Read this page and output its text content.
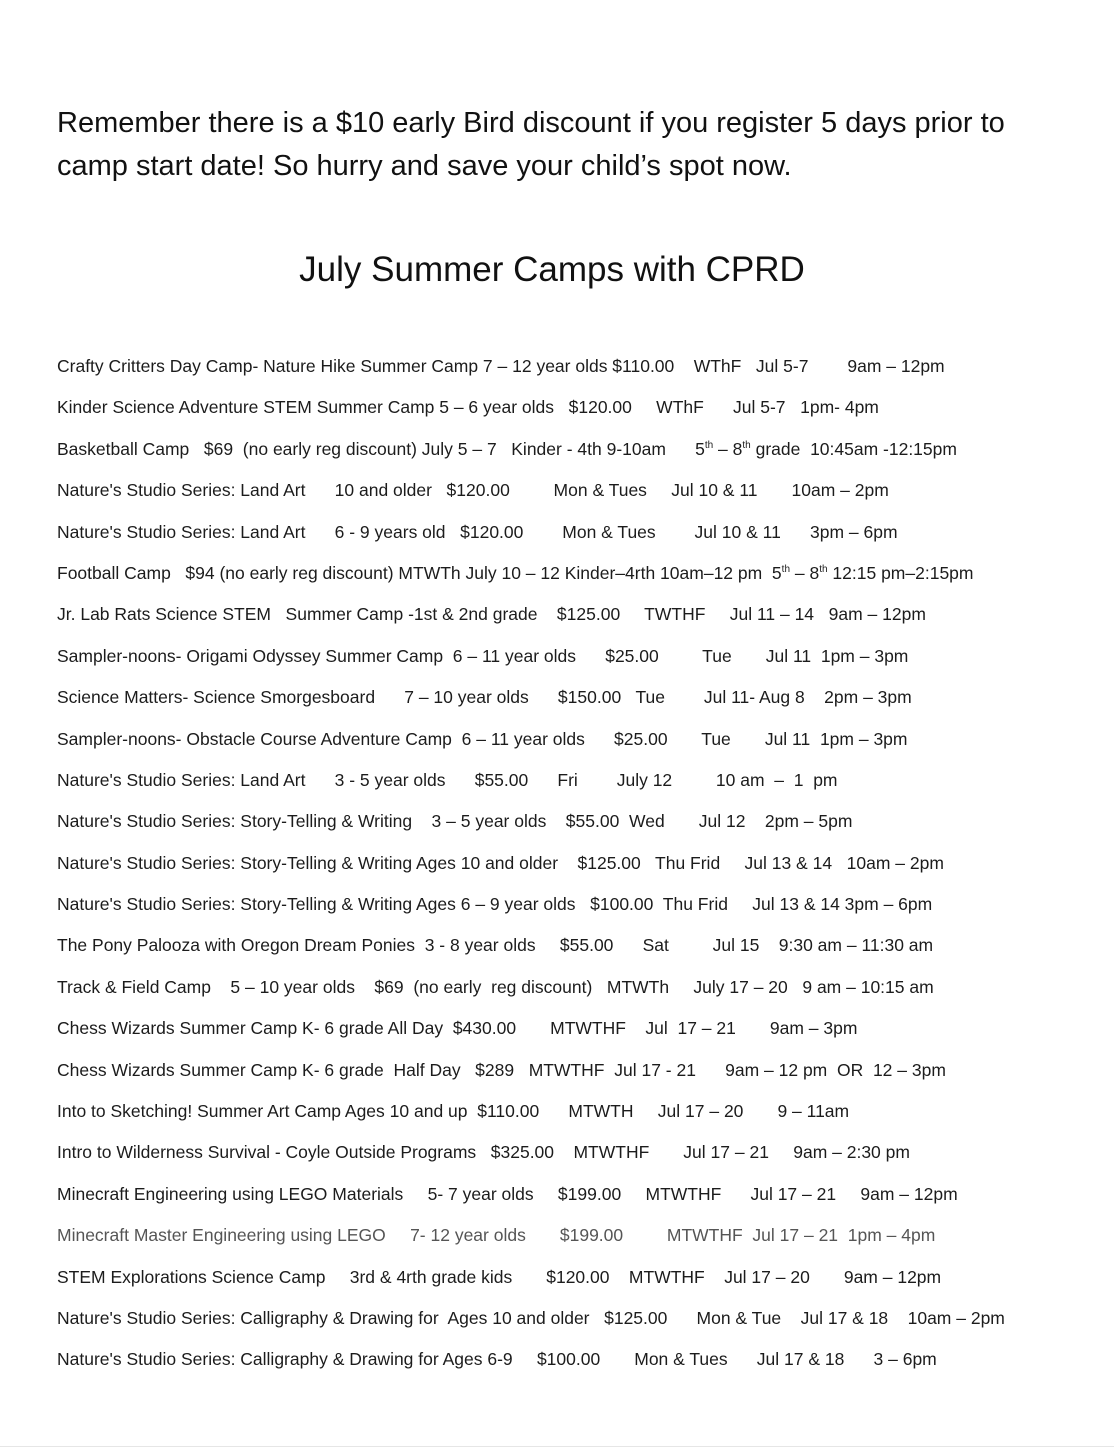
Remember there is a $10 early Bird discount if you register 5 days prior to
camp start date! So hurry and save your child’s spot now.
July Summer Camps with CPRD
Crafty Critters Day Camp- Nature Hike Summer Camp 7 – 12 year olds $110.00    WThF   Jul 5-7        9am – 12pm
Kinder Science Adventure STEM Summer Camp 5 – 6 year olds   $120.00     WThF      Jul 5-7   1pm- 4pm
Basketball Camp   $69  (no early reg discount) July 5 – 7   Kinder - 4th 9-10am      5th – 8th grade  10:45am -12:15pm
Nature's Studio Series: Land Art      10 and older   $120.00         Mon & Tues     Jul 10 & 11       10am – 2pm
Nature's Studio Series: Land Art      6 - 9 years old   $120.00        Mon & Tues        Jul 10 & 11      3pm – 6pm
Football Camp   $94 (no early reg discount) MTWTh July 10 – 12 Kinder–4rth 10am–12 pm  5th – 8th 12:15 pm–2:15pm
Jr. Lab Rats Science STEM   Summer Camp -1st & 2nd grade    $125.00     TWTHF     Jul 11 – 14   9am – 12pm
Sampler-noons- Origami Odyssey Summer Camp  6 – 11 year olds      $25.00         Tue       Jul 11  1pm – 3pm
Science Matters- Science Smorgesboard      7 – 10 year olds      $150.00   Tue        Jul 11- Aug 8    2pm – 3pm
Sampler-noons- Obstacle Course Adventure Camp  6 – 11 year olds      $25.00       Tue       Jul 11  1pm – 3pm
Nature's Studio Series: Land Art      3 - 5 year olds      $55.00      Fri        July 12         10 am  –  1  pm
Nature's Studio Series: Story-Telling & Writing    3 – 5 year olds    $55.00  Wed       Jul 12    2pm – 5pm
Nature's Studio Series: Story-Telling & Writing Ages 10 and older    $125.00   Thu Frid     Jul 13 & 14   10am – 2pm
Nature's Studio Series: Story-Telling & Writing Ages 6 – 9 year olds   $100.00  Thu Frid     Jul 13 & 14 3pm – 6pm
The Pony Palooza with Oregon Dream Ponies  3 - 8 year olds     $55.00      Sat         Jul 15    9:30 am – 11:30 am
Track & Field Camp    5 – 10 year olds    $69  (no early  reg discount)   MTWTh     July 17 – 20   9 am – 10:15 am
Chess Wizards Summer Camp K- 6 grade All Day  $430.00       MTWTHF    Jul  17 – 21       9am – 3pm
Chess Wizards Summer Camp K- 6 grade  Half Day   $289   MTWTHF  Jul 17 - 21      9am – 12 pm  OR  12 – 3pm
Into to Sketching! Summer Art Camp Ages 10 and up  $110.00      MTWTH     Jul 17 – 20       9 – 11am
Intro to Wilderness Survival - Coyle Outside Programs   $325.00    MTWTHF       Jul 17 – 21     9am – 2:30 pm
Minecraft Engineering using LEGO Materials     5- 7 year olds     $199.00     MTWTHF      Jul 17 – 21     9am – 12pm
Minecraft Master Engineering using LEGO     7- 12 year olds       $199.00         MTWTHF  Jul 17 – 21  1pm – 4pm
STEM Explorations Science Camp     3rd & 4rth grade kids       $120.00    MTWTHF    Jul 17 – 20       9am – 12pm
Nature's Studio Series: Calligraphy & Drawing for  Ages 10 and older   $125.00      Mon & Tue    Jul 17 & 18    10am – 2pm
Nature's Studio Series: Calligraphy & Drawing for Ages 6-9     $100.00       Mon & Tues      Jul 17 & 18      3 – 6pm
